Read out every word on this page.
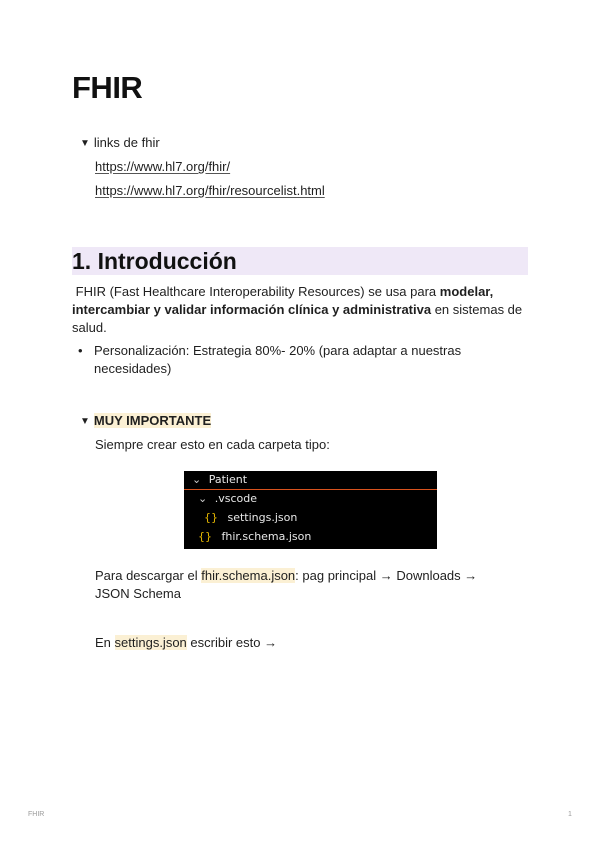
FHIR
▼ links de fhir
https://www.hl7.org/fhir/
https://www.hl7.org/fhir/resourcelist.html
1. Introducción

FHIR (Fast Healthcare Interoperability Resources) se usa para modelar, intercambiar y validar información clínica y administrativa en sistemas de salud.

• Personalización: Estrategia 80%- 20% (para adaptar a nuestras necesidades)
▼ MUY IMPORTANTE
Siempre crear esto en cada carpeta tipo:
⌄ Patient
⌄ .vscode
{} settings.json
{} fhir.schema.json
Para descargar el fhir.schema.json: pag principal → Downloads → JSON Schema
En settings.json escribir esto →
FHIR	1
